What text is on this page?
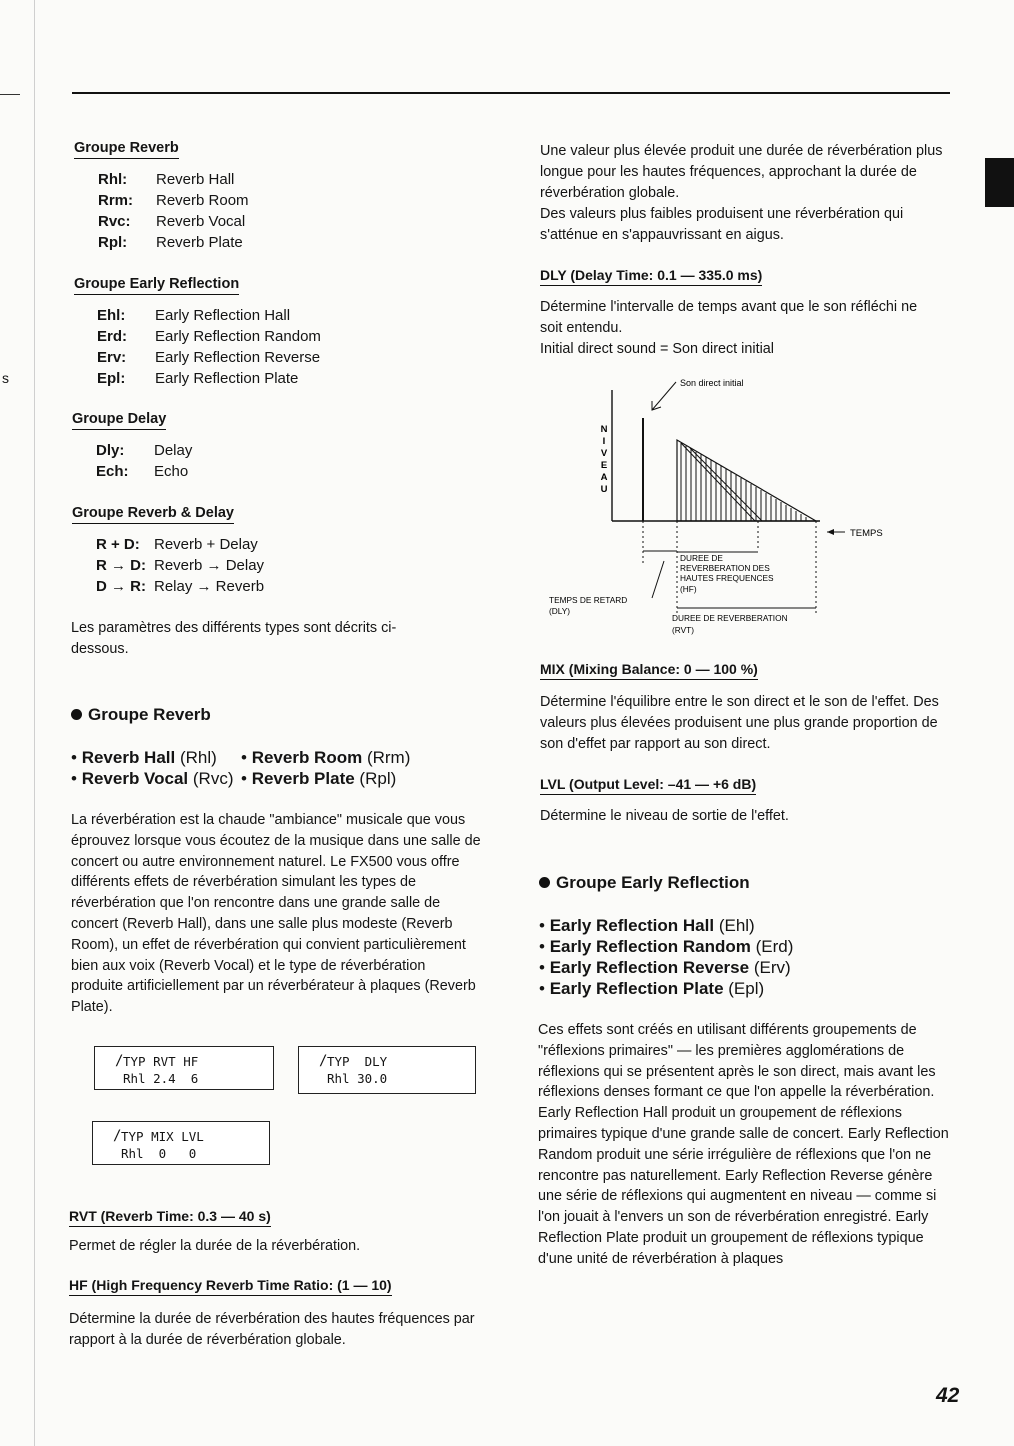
s
Groupe Reverb
Rhl: Reverb Hall
Rrm: Reverb Room
Rvc: Reverb Vocal
Rpl: Reverb Plate
Groupe Early Reflection
Ehl: Early Reflection Hall
Erd: Early Reflection Random
Erv: Early Reflection Reverse
Epl: Early Reflection Plate
Groupe Delay
Dly: Delay
Ech: Echo
Groupe Reverb & Delay
R + D: Reverb + Delay
R → D: Reverb → Delay
D → R: Relay → Reverb
Les paramètres des différents types sont décrits ci-dessous.
Groupe Reverb
• Reverb Hall (Rhl) • Reverb Room (Rrm)
• Reverb Vocal (Rvc) • Reverb Plate (Rpl)
La réverbération est la chaude "ambiance" musicale que vous éprouvez lorsque vous écoutez de la musique dans une salle de concert ou autre environnement naturel. Le FX500 vous offre différents effets de réverbération simulant les types de réverbération que l'on rencontre dans une grande salle de concert (Reverb Hall), dans une salle plus modeste (Reverb Room), un effet de réverbération qui convient particulièrement bien aux voix (Reverb Vocal) et le type de réverbération produite artificiellement par un réverbérateur à plaques (Reverb Plate).
/ TYP RVT HF
Rhl 2.4  6
/ TYP  DLY
Rhl 30.0
/ TYP MIX LVL
Rhl  0   0
RVT (Reverb Time: 0.3 — 40 s)
Permet de régler la durée de la réverbération.
HF (High Frequency Reverb Time Ratio: (1 — 10)
Détermine la durée de réverbération des hautes fréquences par rapport à la durée de réverbération globale.
Une valeur plus élevée produit une durée de réverbération plus longue pour les hautes fréquences, approchant la durée de réverbération globale.
Des valeurs plus faibles produisent une réverbération qui s'atténue en s'appauvrissant en aigus.
DLY (Delay Time: 0.1 — 335.0 ms)
Détermine l'intervalle de temps avant que le son réfléchi ne soit entendu.
Initial direct sound = Son direct initial
Son direct initial
N
I
V
E
A
U
TEMPS
DUREE DE
REVERBERATION DES
HAUTES FREQUENCES
(HF)
TEMPS DE RETARD
(DLY)
DUREE DE REVERBERATION
(RVT)
MIX (Mixing Balance: 0 — 100 %)
Détermine l'équilibre entre le son direct et le son de l'effet. Des valeurs plus élevées produisent une plus grande proportion de son d'effet par rapport au son direct.
LVL (Output Level: –41 — +6 dB)
Détermine le niveau de sortie de l'effet.
Groupe Early Reflection
• Early Reflection Hall (Ehl)
• Early Reflection Random (Erd)
• Early Reflection Reverse (Erv)
• Early Reflection Plate (Epl)
Ces effets sont créés en utilisant différents groupements de "réflexions primaires" — les premières agglomérations de réflexions qui se présentent après le son direct, mais avant les réflexions denses formant ce que l'on appelle la réverbération. Early Reflection Hall produit un groupement de réflexions primaires typique d'une grande salle de concert. Early Reflection Random produit une série irrégulière de réflexions que l'on ne rencontre pas naturellement. Early Reflection Reverse génère une série de réflexions qui augmentent en niveau — comme si l'on jouait à l'envers un son de réverbération enregistré. Early Reflection Plate produit un groupement de réflexions typique d'une unité de réverbération à plaques
42
